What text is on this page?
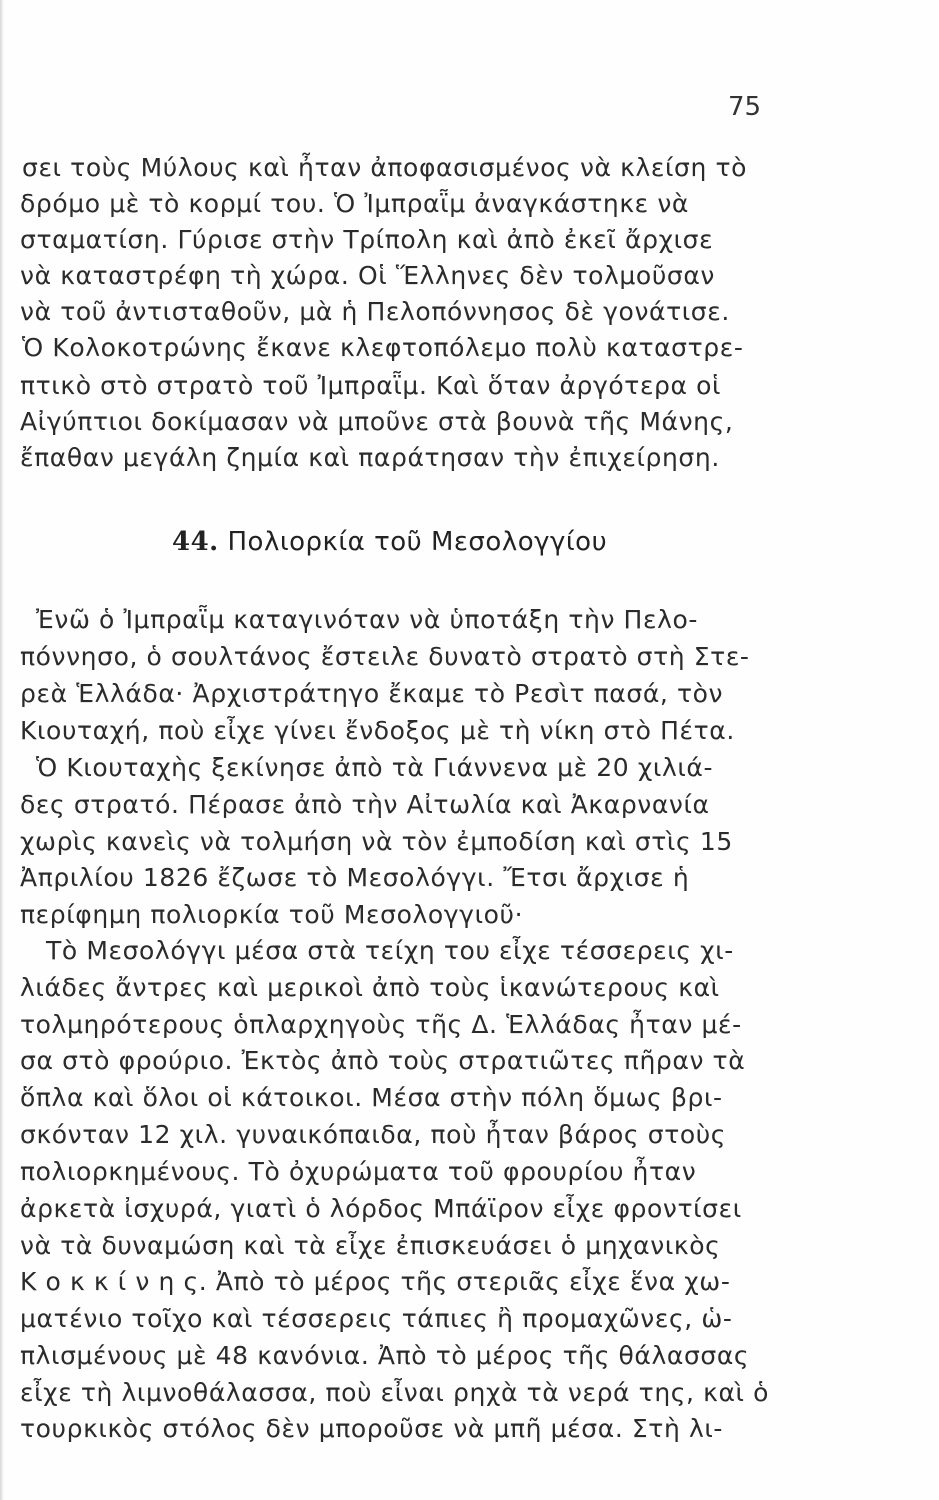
75
σει τοὺς Μύλους καὶ ἦταν ἀποφασισμένος νὰ κλείση τὸ
δρόμο μὲ τὸ κορμί του. Ὁ Ἰμπραῗμ ἀναγκάστηκε νὰ
σταματίση. Γύρισε στὴν Τρίπολη καὶ ἀπὸ ἐκεῖ ἄρχισε
νὰ καταστρέφη τὴ χώρα. Οἱ Ἕλληνες δὲν τολμοῦσαν
νὰ τοῦ ἀντισταθοῦν, μὰ ἡ Πελοπόννησος δὲ γονάτισε.
Ὁ Κολοκοτρώνης ἔκανε κλεφτοπόλεμο πολὺ καταστρε-
πτικὸ στὸ στρατὸ τοῦ Ἰμπραῗμ. Καὶ ὅταν ἀργότερα οἱ
Αἰγύπτιοι δοκίμασαν νὰ μποῦνε στὰ βουνὰ τῆς Μάνης,
ἔπαθαν μεγάλη ζημία καὶ παράτησαν τὴν ἐπιχείρηση.
44. Πολιορκία τοῦ Μεσολογγίου
Ἐνῶ ὁ Ἰμπραῗμ καταγινόταν νὰ ὑποτάξη τὴν Πελο-
πόννησο, ὁ σουλτάνος ἔστειλε δυνατὸ στρατὸ στὴ Στε-
ρεὰ Ἑλλάδα· Ἀρχιστράτηγο ἔκαμε τὸ Ρεσὶτ πασά, τὸν
Κιουταχή, ποὺ εἶχε γίνει ἔνδοξος μὲ τὴ νίκη στὸ Πέτα.
Ὁ Κιουταχὴς ξεκίνησε ἀπὸ τὰ Γιάννενα μὲ 20 χιλιά-
δες στρατό. Πέρασε ἀπὸ τὴν Αἰτωλία καὶ Ἀκαρνανία
χωρὶς κανεὶς νὰ τολμήση νὰ τὸν ἐμποδίση καὶ στὶς 15
Ἀπριλίου 1826 ἔζωσε τὸ Μεσολόγγι. Ἔτσι ἄρχισε ἡ
περίφημη πολιορκία τοῦ Μεσολογγιοῦ·
Τὸ Μεσολόγγι μέσα στὰ τείχη του εἶχε τέσσερεις χι-
λιάδες ἄντρες καὶ μερικοὶ ἀπὸ τοὺς ἱκανώτερους καὶ
τολμηρότερους ὁπλαρχηγοὺς τῆς Δ. Ἑλλάδας ἦταν μέ-
σα στὸ φρούριο. Ἐκτὸς ἀπὸ τοὺς στρατιῶτες πῆραν τὰ
ὅπλα καὶ ὅλοι οἱ κάτοικοι. Μέσα στὴν πόλη ὅμως βρι-
σκόνταν 12 χιλ. γυναικόπαιδα, ποὺ ἦταν βάρος στοὺς
πολιορκημένους. Τὸ ὀχυρώματα τοῦ φρουρίου ἦταν
ἀρκετὰ ἰσχυρά, γιατὶ ὁ λόρδος Μπάϊρον εἶχε φροντίσει
νὰ τὰ δυναμώση καὶ τὰ εἶχε ἐπισκευάσει ὁ μηχανικὸς
Κ ο κ κ ί ν η ς. Ἀπὸ τὸ μέρος τῆς στεριᾶς εἶχε ἕνα χω-
ματένιο τοῖχο καὶ τέσσερεις τάπιες ἢ προμαχῶνες, ὡ-
πλισμένους μὲ 48 κανόνια. Ἀπὸ τὸ μέρος τῆς θάλασσας
εἶχε τὴ λιμνοθάλασσα, ποὺ εἶναι ρηχὰ τὰ νερά της, καὶ ὁ
τουρκικὸς στόλος δὲν μποροῦσε νὰ μπῆ μέσα. Στὴ λι-
